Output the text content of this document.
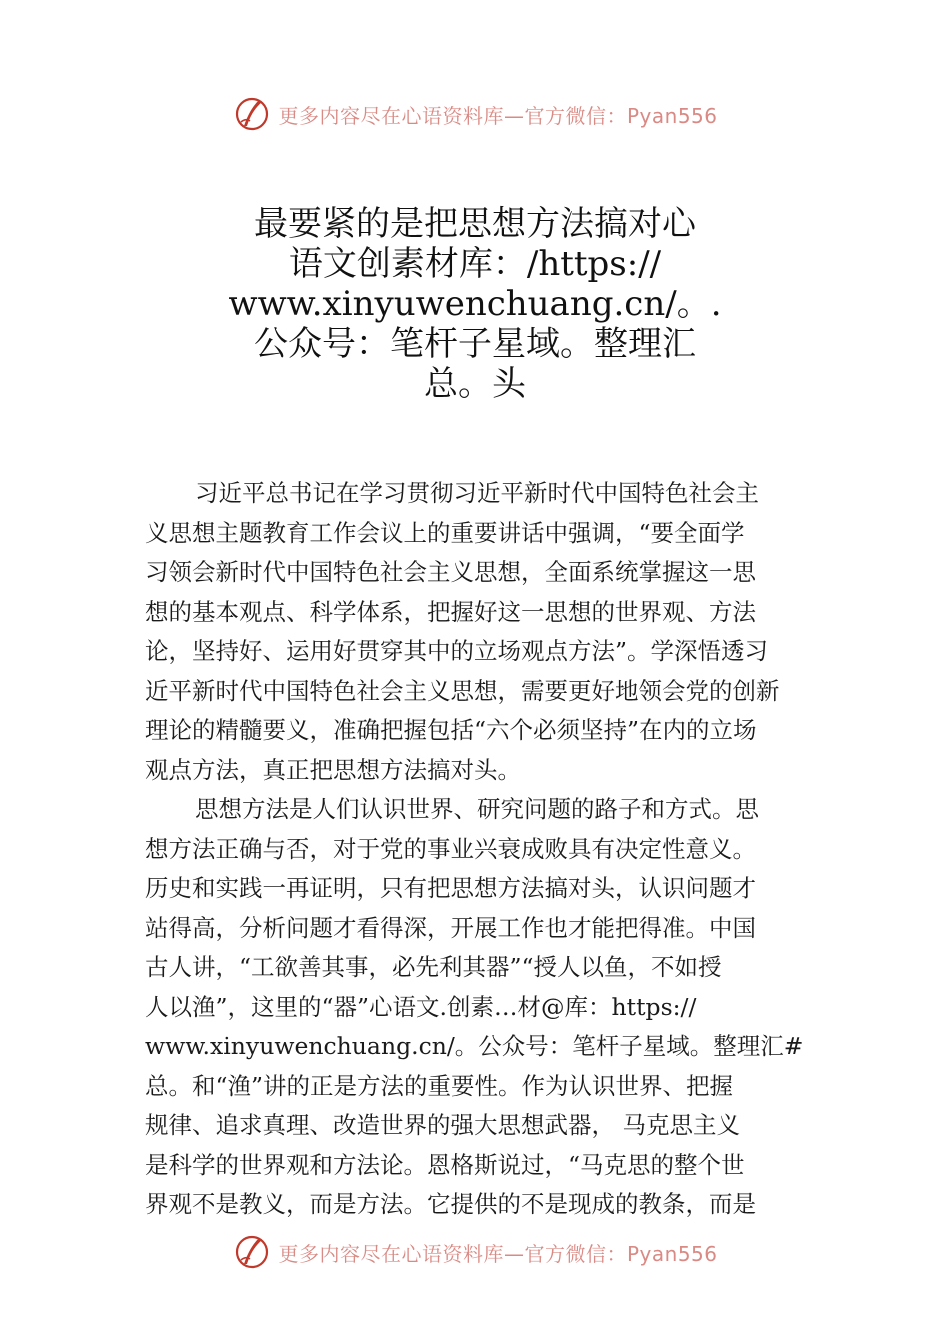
更多内容尽在心语资料库—官方微信：Pyan556
最要紧的是把思想方法搞对心
语文创素材库：/https://
www.xinyuwenchuang.cn/。.
公众号：笔杆子星域。整理汇
总。头
习近平总书记在学习贯彻习近平新时代中国特色社会主
义思想主题教育工作会议上的重要讲话中强调，“要全面学
习领会新时代中国特色社会主义思想，全面系统掌握这一思
想的基本观点、科学体系，把握好这一思想的世界观、方法
论，坚持好、运用好贯穿其中的立场观点方法”。学深悟透习
近平新时代中国特色社会主义思想，需要更好地领会党的创新
理论的精髓要义，准确把握包括“六个必须坚持”在内的立场
观点方法，真正把思想方法搞对头。
思想方法是人们认识世界、研究问题的路子和方式。思
想方法正确与否，对于党的事业兴衰成败具有决定性意义。
历史和实践一再证明，只有把思想方法搞对头，认识问题才
站得高，分析问题才看得深，开展工作也才能把得准。中国
古人讲，“工欲善其事，必先利其器”“授人以鱼，不如授
人以渔”，这里的“器”心语文.创素…材@库：https://
www.xinyuwenchuang.cn/。公众号：笔杆子星域。整理汇#
总。和“渔”讲的正是方法的重要性。作为认识世界、把握
规律、追求真理、改造世界的强大思想武器， 马克思主义
是科学的世界观和方法论。恩格斯说过，“马克思的整个世
界观不是教义，而是方法。它提供的不是现成的教条，而是
更多内容尽在心语资料库—官方微信：Pyan556
